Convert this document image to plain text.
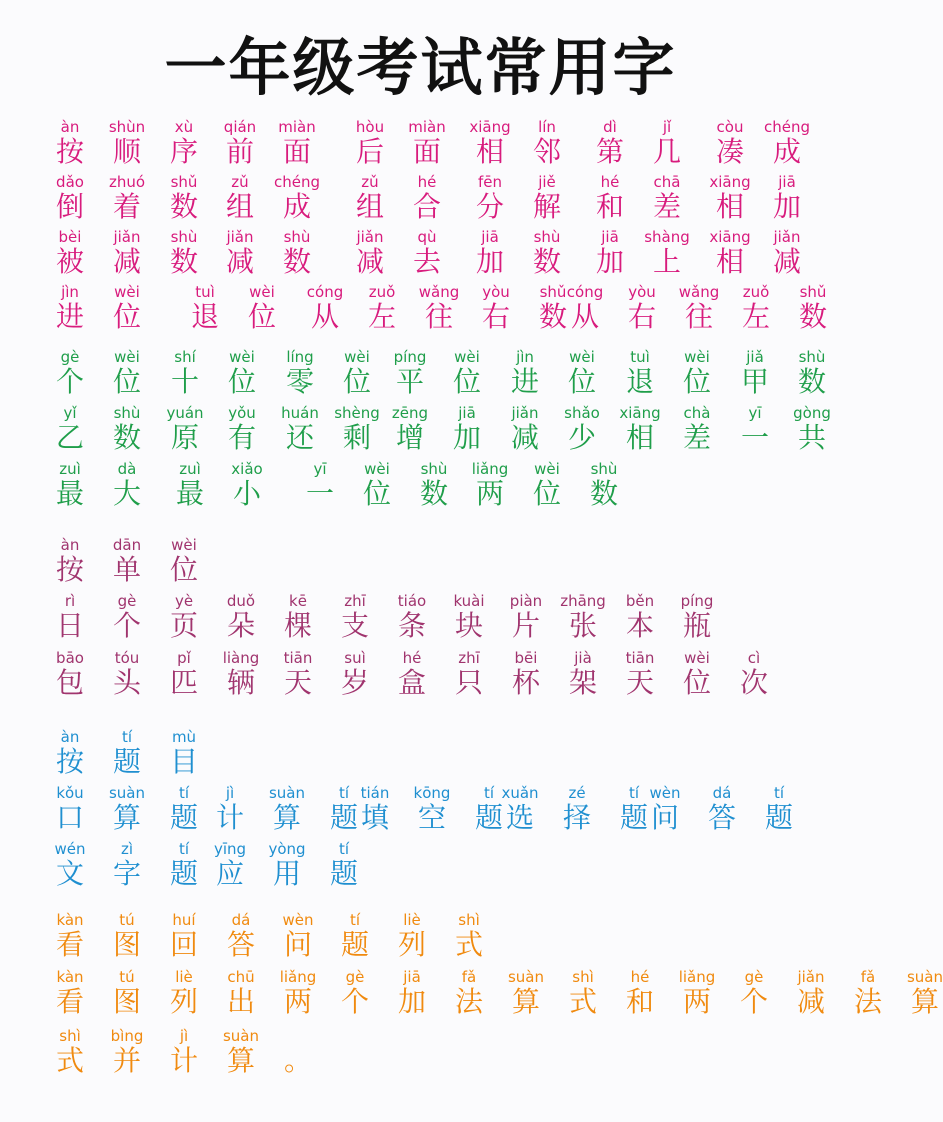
一年级考试常用字
àn
按
shùn
顺
xù
序
qián
前
miàn
面
hòu
后
miàn
面
xiāng
相
lín
邻
dì
第
jǐ
几
còu
凑
chéng
成
dǎo
倒
zhuó
着
shǔ
数
zǔ
组
chéng
成
zǔ
组
hé
合
fēn
分
jiě
解
hé
和
chā
差
xiāng
相
jiā
加
bèi
被
jiǎn
减
shù
数
jiǎn
减
shù
数
jiǎn
减
qù
去
jiā
加
shù
数
jiā
加
shàng
上
xiāng
相
jiǎn
减
jìn
进
wèi
位
tuì
退
wèi
位
cóng
从
zuǒ
左
wǎng
往
yòu
右
shǔ
数
cóng
从
yòu
右
wǎng
往
zuǒ
左
shǔ
数
gè
个
wèi
位
shí
十
wèi
位
líng
零
wèi
位
píng
平
wèi
位
jìn
进
wèi
位
tuì
退
wèi
位
jiǎ
甲
shù
数
yǐ
乙
shù
数
yuán
原
yǒu
有
huán
还
shèng
剩
zēng
增
jiā
加
jiǎn
减
shǎo
少
xiāng
相
chà
差
yī
一
gòng
共
zuì
最
dà
大
zuì
最
xiǎo
小
yī
一
wèi
位
shù
数
liǎng
两
wèi
位
shù
数
àn
按
dān
单
wèi
位
rì
日
gè
个
yè
页
duǒ
朵
kē
棵
zhī
支
tiáo
条
kuài
块
piàn
片
zhāng
张
běn
本
píng
瓶
bāo
包
tóu
头
pǐ
匹
liàng
辆
tiān
天
suì
岁
hé
盒
zhī
只
bēi
杯
jià
架
tiān
天
wèi
位
cì
次
àn
按
tí
题
mù
目
kǒu
口
suàn
算
tí
题
jì
计
suàn
算
tí
题
tián
填
kōng
空
tí
题
xuǎn
选
zé
择
tí
题
wèn
问
dá
答
tí
题
wén
文
zì
字
tí
题
yīng
应
yòng
用
tí
题
kàn
看
tú
图
huí
回
dá
答
wèn
问
tí
题
liè
列
shì
式
kàn
看
tú
图
liè
列
chū
出
liǎng
两
gè
个
jiā
加
fǎ
法
suàn
算
shì
式
hé
和
liǎng
两
gè
个
jiǎn
减
fǎ
法
suàn
算
shì
式
bìng
并
jì
计
suàn
算 。
